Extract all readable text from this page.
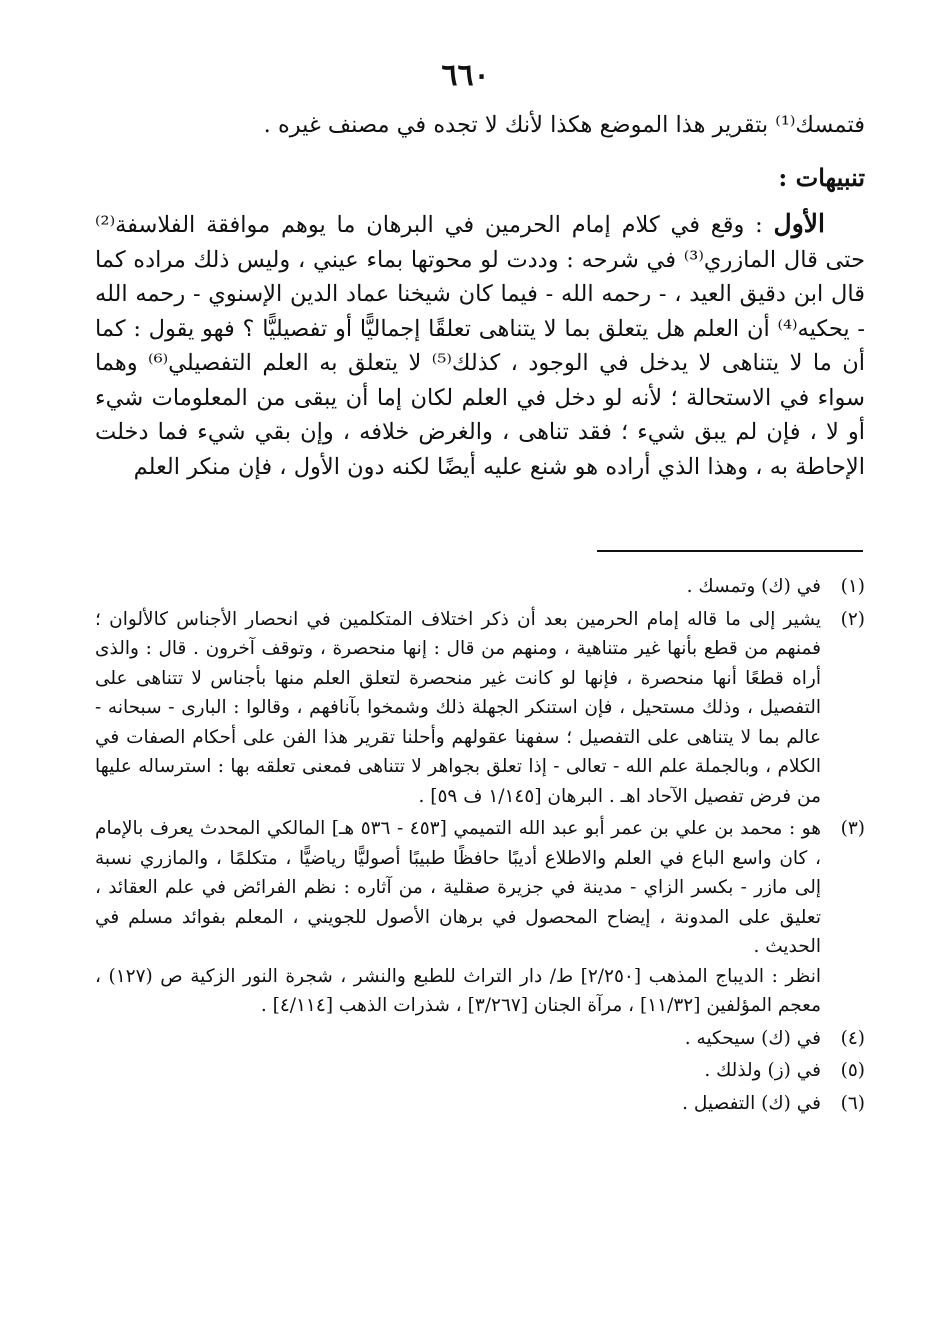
٦٦٠

فتمسك⁽¹⁾ بتقرير هذا الموضع هكذا لأنك لا تجده في مصنف غيره .

تنبيهات :

الأول : وقع في كلام إمام الحرمين في البرهان ما يوهم موافقة الفلاسفة⁽²⁾ حتى قال المازري⁽³⁾ في شرحه : وددت لو محوتها بماء عيني ، وليس ذلك مراده كما قال ابن دقيق العيد ، - رحمه الله - فيما كان شيخنا عماد الدين الإسنوي - رحمه الله - يحكيه⁽⁴⁾ أن العلم هل يتعلق بما لا يتناهى تعلقًا إجماليًّا أو تفصيليًّا ؟ فهو يقول : كما أن ما لا يتناهى لا يدخل في الوجود ، كذلك⁽⁵⁾ لا يتعلق به العلم التفصيلي⁽⁶⁾ وهما سواء في الاستحالة ؛ لأنه لو دخل في العلم لكان إما أن يبقى من المعلومات شيء أو لا ، فإن لم يبق شيء ؛ فقد تناهى ، والغرض خلافه ، وإن بقي شيء فما دخلت الإحاطة به ، وهذا الذي أراده هو شنع عليه أيضًا لكنه دون الأول ، فإن منكر العلم

(١)
في (ك) وتمسك .
(٢)
يشير إلى ما قاله إمام الحرمين بعد أن ذكر اختلاف المتكلمين في انحصار الأجناس كالألوان ؛ فمنهم من قطع بأنها غير متناهية ، ومنهم من قال : إنها منحصرة ، وتوقف آخرون . قال : والذى أراه قطعًا أنها منحصرة ، فإنها لو كانت غير منحصرة لتعلق العلم منها بأجناس لا تتناهى على التفصيل ، وذلك مستحيل ، فإن استنكر الجهلة ذلك وشمخوا بآنافهم ، وقالوا : البارى - سبحانه - عالم بما لا يتناهى على التفصيل ؛ سفهنا عقولهم وأحلنا تقرير هذا الفن على أحكام الصفات في الكلام ، وبالجملة علم الله - تعالى - إذا تعلق بجواهر لا تتناهى فمعنى تعلقه بها : استرساله عليها من فرض تفصيل الآحاد اهـ . البرهان [١/١٤٥ ف ٥٩] .
(٣)

هو : محمد بن علي بن عمر أبو عبد الله التميمي [٤٥٣ - ٥٣٦ هـ] المالكي المحدث يعرف بالإمام ، كان واسع الباع في العلم والاطلاع أديبًا حافظًا طبيبًا أصوليًّا رياضيًّا ، متكلمًا ، والمازري نسبة إلى مازر - بكسر الزاي - مدينة في جزيرة صقلية ، من آثاره : نظم الفرائض في علم العقائد ، تعليق على المدونة ، إيضاح المحصول في برهان الأصول للجويني ، المعلم بفوائد مسلم في الحديث .

انظر : الديباج المذهب [٢/٢٥٠] ط/ دار التراث للطبع والنشر ، شجرة النور الزكية ص (١٢٧) ، معجم المؤلفين [١١/٣٢] ، مرآة الجنان [٣/٢٦٧] ، شذرات الذهب [٤/١١٤] .

(٤)
في (ك) سيحكيه .
(٥)
في (ز) ولذلك .
(٦)
في (ك) التفصيل .
